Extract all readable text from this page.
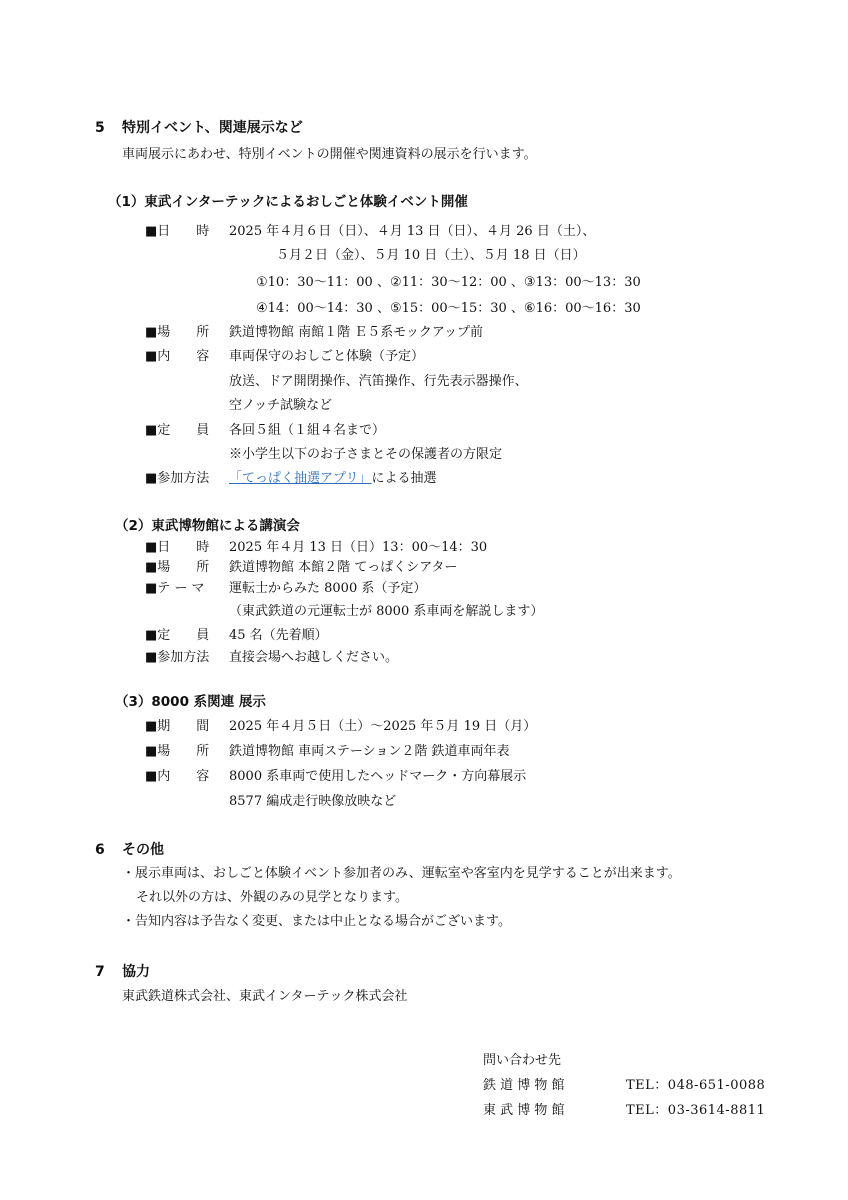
5 特別イベント、関連展示など
車両展示にあわせ、特別イベントの開催や関連資料の展示を行います。
（1）東武インターテックによるおしごと体験イベント開催
■日　　時 2025 年４月６日（日）、４月 13 日（日）、４月 26 日（土）、
５月２日（金）、５月 10 日（土）、５月 18 日（日）
①10：30～11：00 、②11：30～12：00 、③13：00～13：30
④14：00～14：30 、⑤15：00～15：30 、⑥16：00～16：30
■場　　所 鉄道博物館 南館１階 Ｅ５系モックアップ前
■内　　容 車両保守のおしごと体験（予定）
放送、ドア開閉操作、汽笛操作、行先表示器操作、
空ノッチ試験など
■定　　員 各回５組（１組４名まで）
※小学生以下のお子さまとその保護者の方限定
■参加方法 「てっぱく抽選アプリ」による抽選
（2）東武博物館による講演会
■日　　時 2025 年４月 13 日（日）13：00～14：30
■場　　所 鉄道博物館 本館２階 てっぱくシアター
■テ ー マ 運転士からみた 8000 系（予定）
（東武鉄道の元運転士が 8000 系車両を解説します）
■定　　員 45 名（先着順）
■参加方法 直接会場へお越しください。
（3）8000 系関連 展示
■期　　間 2025 年４月５日（土）～2025 年５月 19 日（月）
■場　　所 鉄道博物館 車両ステーション２階 鉄道車両年表
■内　　容 8000 系車両で使用したヘッドマーク・方向幕展示
8577 編成走行映像放映など
6 その他
・展示車両は、おしごと体験イベント参加者のみ、運転室や客室内を見学することが出来ます。
それ以外の方は、外観のみの見学となります。
・告知内容は予告なく変更、または中止となる場合がございます。
7 協力
東武鉄道株式会社、東武インターテック株式会社
問い合わせ先
鉄 道 博 物 館	TEL：048-651-0088
東 武 博 物 館	TEL：03-3614-8811
